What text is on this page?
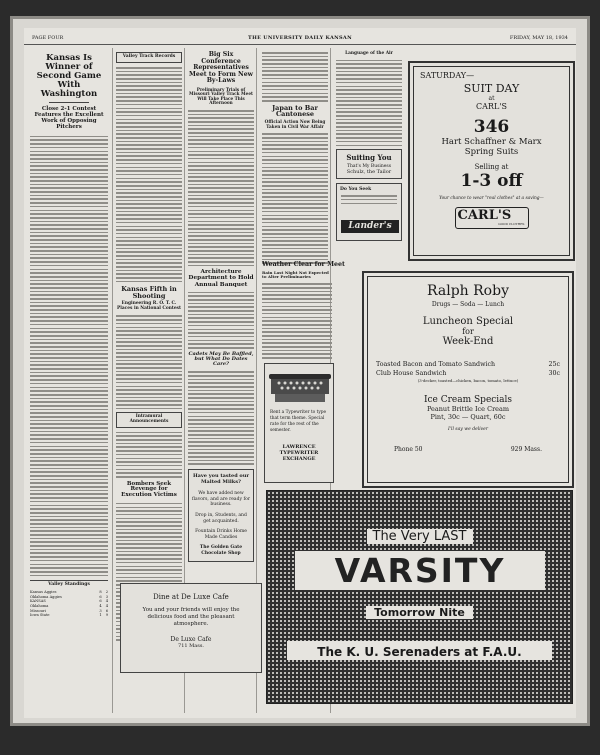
PAGE FOUR	THE UNIVERSITY DAILY KANSAN	FRIDAY, MAY 18, 1934
Kansas Is Winner of Second Game With Washington
Close 2-1 Contest Features the Excellent Work of Opposing Pitchers
Valley Standings
Kansas Aggies	8 2
Oklahoma Aggies	6 3
KANSAS	6 4
Oklahoma	4 4
Missouri	3 6
Iowa State	1 9
Valley Track Records
Kansas Fifth in Shooting
Engineering R. O. T. C. Places in National Contest
Intramural Announcements
Bombers Seek Revenge for Execution Victims
Big Six Conference Representatives Meet to Form New By-Laws
Preliminary Trials of Missouri Valley Track Meet Will Take Place This Afternoon
Architecture Department to Hold Annual Banquet
Cadets May Be Baffled, but What Do Dates Care?
Have you tasted our Malted Milks?
We have added new flavors, and are ready for business.
Drop in, Students, and get acquainted.
Fountain Drinks Home Made Candies
The Golden Gate Chocolate Shop
Dine at De Luxe Cafe
You and your friends will enjoy the delicious food and the pleasant atmosphere.
De Luxe Cafe
711 Mass.
Japan to Bar Cantonese
Official Action Now Being Taken in Civil War Affair
Weather Clear for Meet
Rain Last Night Not Expected to Alter Preliminaries
Rent a Typewriter to type that term theme. Special rate for the rest of the semester.
LAWRENCE TYPEWRITER EXCHANGE
Language of the Air
Suiting You
That's My Business
Schulz, the Tailor
Do You Seek
Lander's
SATURDAY—
SUIT DAY
at
CARL'S
346
Hart Schaffner & Marx
Spring Suits
Selling at
1-3 off
Your chance to wear "real clothes" at a saving—
CARL'S
GOOD CLOTHES
Ralph Roby
Drugs — Soda — Lunch
Luncheon Special
for
Week-End
Toasted Bacon and Tomato Sandwich	25c
Club House Sandwich	30c
(3-decker, toasted—chicken, bacon, tomato, lettuce)
Ice Cream Specials
Peanut Brittle Ice Cream
Pint, 30c — Quart, 60c
I'll say we deliver
Phone 50	929 Mass.
The Very LAST
VARSITY
Tomorrow Nite
The K. U. Serenaders at F.A.U.
